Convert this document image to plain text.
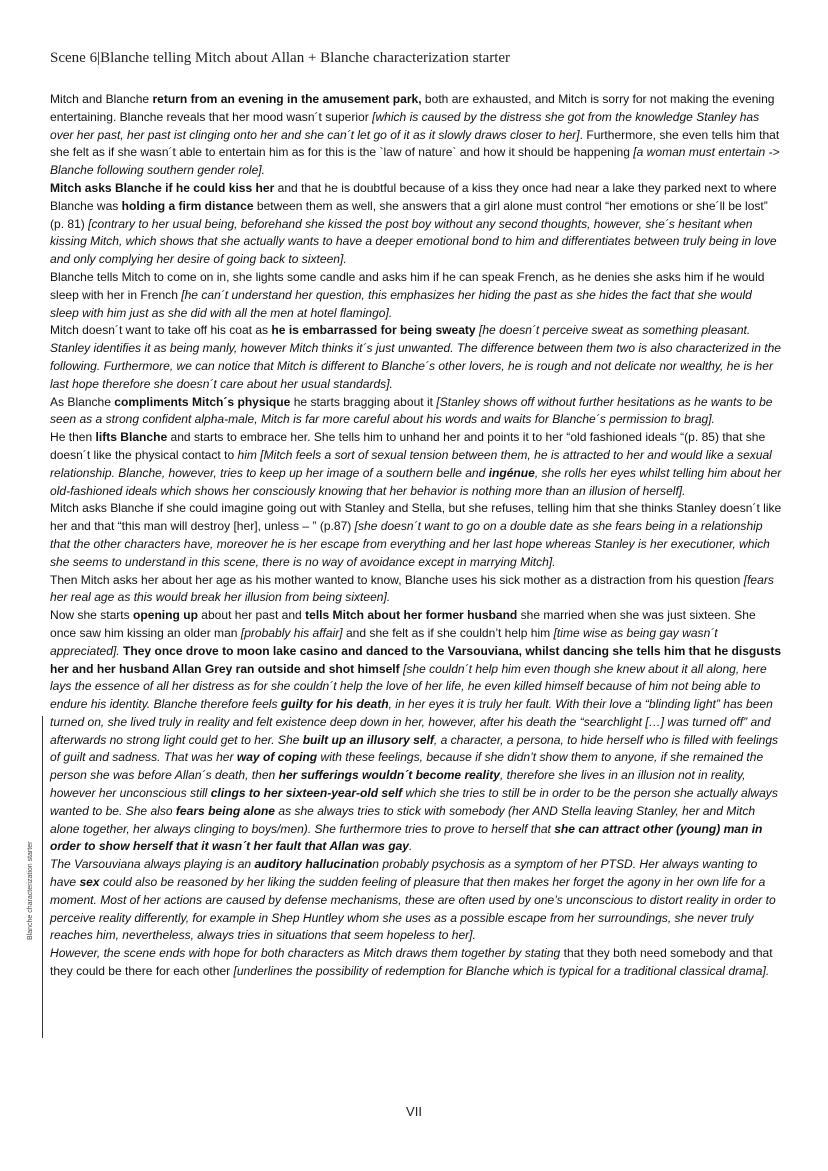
Scene 6|Blanche telling Mitch about Allan + Blanche characterization starter

Mitch and Blanche return from an evening in the amusement park, both are exhausted, and Mitch is sorry for not making the evening entertaining. Blanche reveals that her mood wasn´t superior [which is caused by the distress she got from the knowledge Stanley has over her past, her past ist clinging onto her and she can´t let go of it as it slowly draws closer to her]. Furthermore, she even tells him that she felt as if she wasn´t able to entertain him as for this is the `law of nature` and how it should be happening [a woman must entertain -> Blanche following southern gender role].

Mitch asks Blanche if he could kiss her and that he is doubtful because of a kiss they once had near a lake they parked next to where Blanche was holding a firm distance between them as well, she answers that a girl alone must control “her emotions or she´ll be lost” (p. 81) [contrary to her usual being, beforehand she kissed the post boy without any second thoughts, however, she´s hesitant when kissing Mitch, which shows that she actually wants to have a deeper emotional bond to him and differentiates between truly being in love and only complying her desire of going back to sixteen].

Blanche tells Mitch to come on in, she lights some candle and asks him if he can speak French, as he denies she asks him if he would sleep with her in French [he can´t understand her question, this emphasizes her hiding the past as she hides the fact that she would sleep with him just as she did with all the men at hotel flamingo].

Mitch doesn´t want to take off his coat as he is embarrassed for being sweaty [he doesn´t perceive sweat as something pleasant. Stanley identifies it as being manly, however Mitch thinks it´s just unwanted. The difference between them two is also characterized in the following. Furthermore, we can notice that Mitch is different to Blanche´s other lovers, he is rough and not delicate nor wealthy, he is her last hope therefore she doesn´t care about her usual standards].

As Blanche compliments Mitch´s physique he starts bragging about it [Stanley shows off without further hesitations as he wants to be seen as a strong confident alpha-male, Mitch is far more careful about his words and waits for Blanche´s permission to brag].

He then lifts Blanche and starts to embrace her. She tells him to unhand her and points it to her “old fashioned ideals “(p. 85) that she doesn´t like the physical contact to him [Mitch feels a sort of sexual tension between them, he is attracted to her and would like a sexual relationship. Blanche, however, tries to keep up her image of a southern belle and ingénue, she rolls her eyes whilst telling him about her old-fashioned ideals which shows her consciously knowing that her behavior is nothing more than an illusion of herself].

Mitch asks Blanche if she could imagine going out with Stanley and Stella, but she refuses, telling him that she thinks Stanley doesn´t like her and that “this man will destroy [her], unless – ” (p.87) [she doesn´t want to go on a double date as she fears being in a relationship that the other characters have, moreover he is her escape from everything and her last hope whereas Stanley is her executioner, which she seems to understand in this scene, there is no way of avoidance except in marrying Mitch].

Then Mitch asks her about her age as his mother wanted to know, Blanche uses his sick mother as a distraction from his question [fears her real age as this would break her illusion from being sixteen].

Now she starts opening up about her past and tells Mitch about her former husband she married when she was just sixteen. She once saw him kissing an older man [probably his affair] and she felt as if she couldn’t help him [time wise as being gay wasn´t appreciated]. They once drove to moon lake casino and danced to the Varsouviana, whilst dancing she tells him that he disgusts her and her husband Allan Grey ran outside and shot himself [she couldn´t help him even though she knew about it all along, here lays the essence of all her distress as for she couldn´t help the love of her life, he even killed himself because of him not being able to endure his identity. Blanche therefore feels guilty for his death, in her eyes it is truly her fault. With their love a “blinding light” has been turned on, she lived truly in reality and felt existence deep down in her, however, after his death the “searchlight […] was turned off” and afterwards no strong light could get to her. She built up an illusory self, a character, a persona, to hide herself who is filled with feelings of guilt and sadness. That was her way of coping with these feelings, because if she didn’t show them to anyone, if she remained the person she was before Allan´s death, then her sufferings wouldn´t become reality, therefore she lives in an illusion not in reality, however her unconscious still clings to her sixteen-year-old self which she tries to still be in order to be the person she actually always wanted to be. She also fears being alone as she always tries to stick with somebody (her AND Stella leaving Stanley, her and Mitch alone together, her always clinging to boys/men). She furthermore tries to prove to herself that she can attract other (young) man in order to show herself that it wasn´t her fault that Allan was gay.

The Varsouviana always playing is an auditory hallucination probably psychosis as a symptom of her PTSD. Her always wanting to have sex could also be reasoned by her liking the sudden feeling of pleasure that then makes her forget the agony in her own life for a moment. Most of her actions are caused by defense mechanisms, these are often used by one’s unconscious to distort reality in order to perceive reality differently, for example in Shep Huntley whom she uses as a possible escape from her surroundings, she never truly reaches him, nevertheless, always tries in situations that seem hopeless to her].

However, the scene ends with hope for both characters as Mitch draws them together by stating that they both need somebody and that they could be there for each other [underlines the possibility of redemption for Blanche which is typical for a traditional classical drama].

Blanche characterization starter
VII
